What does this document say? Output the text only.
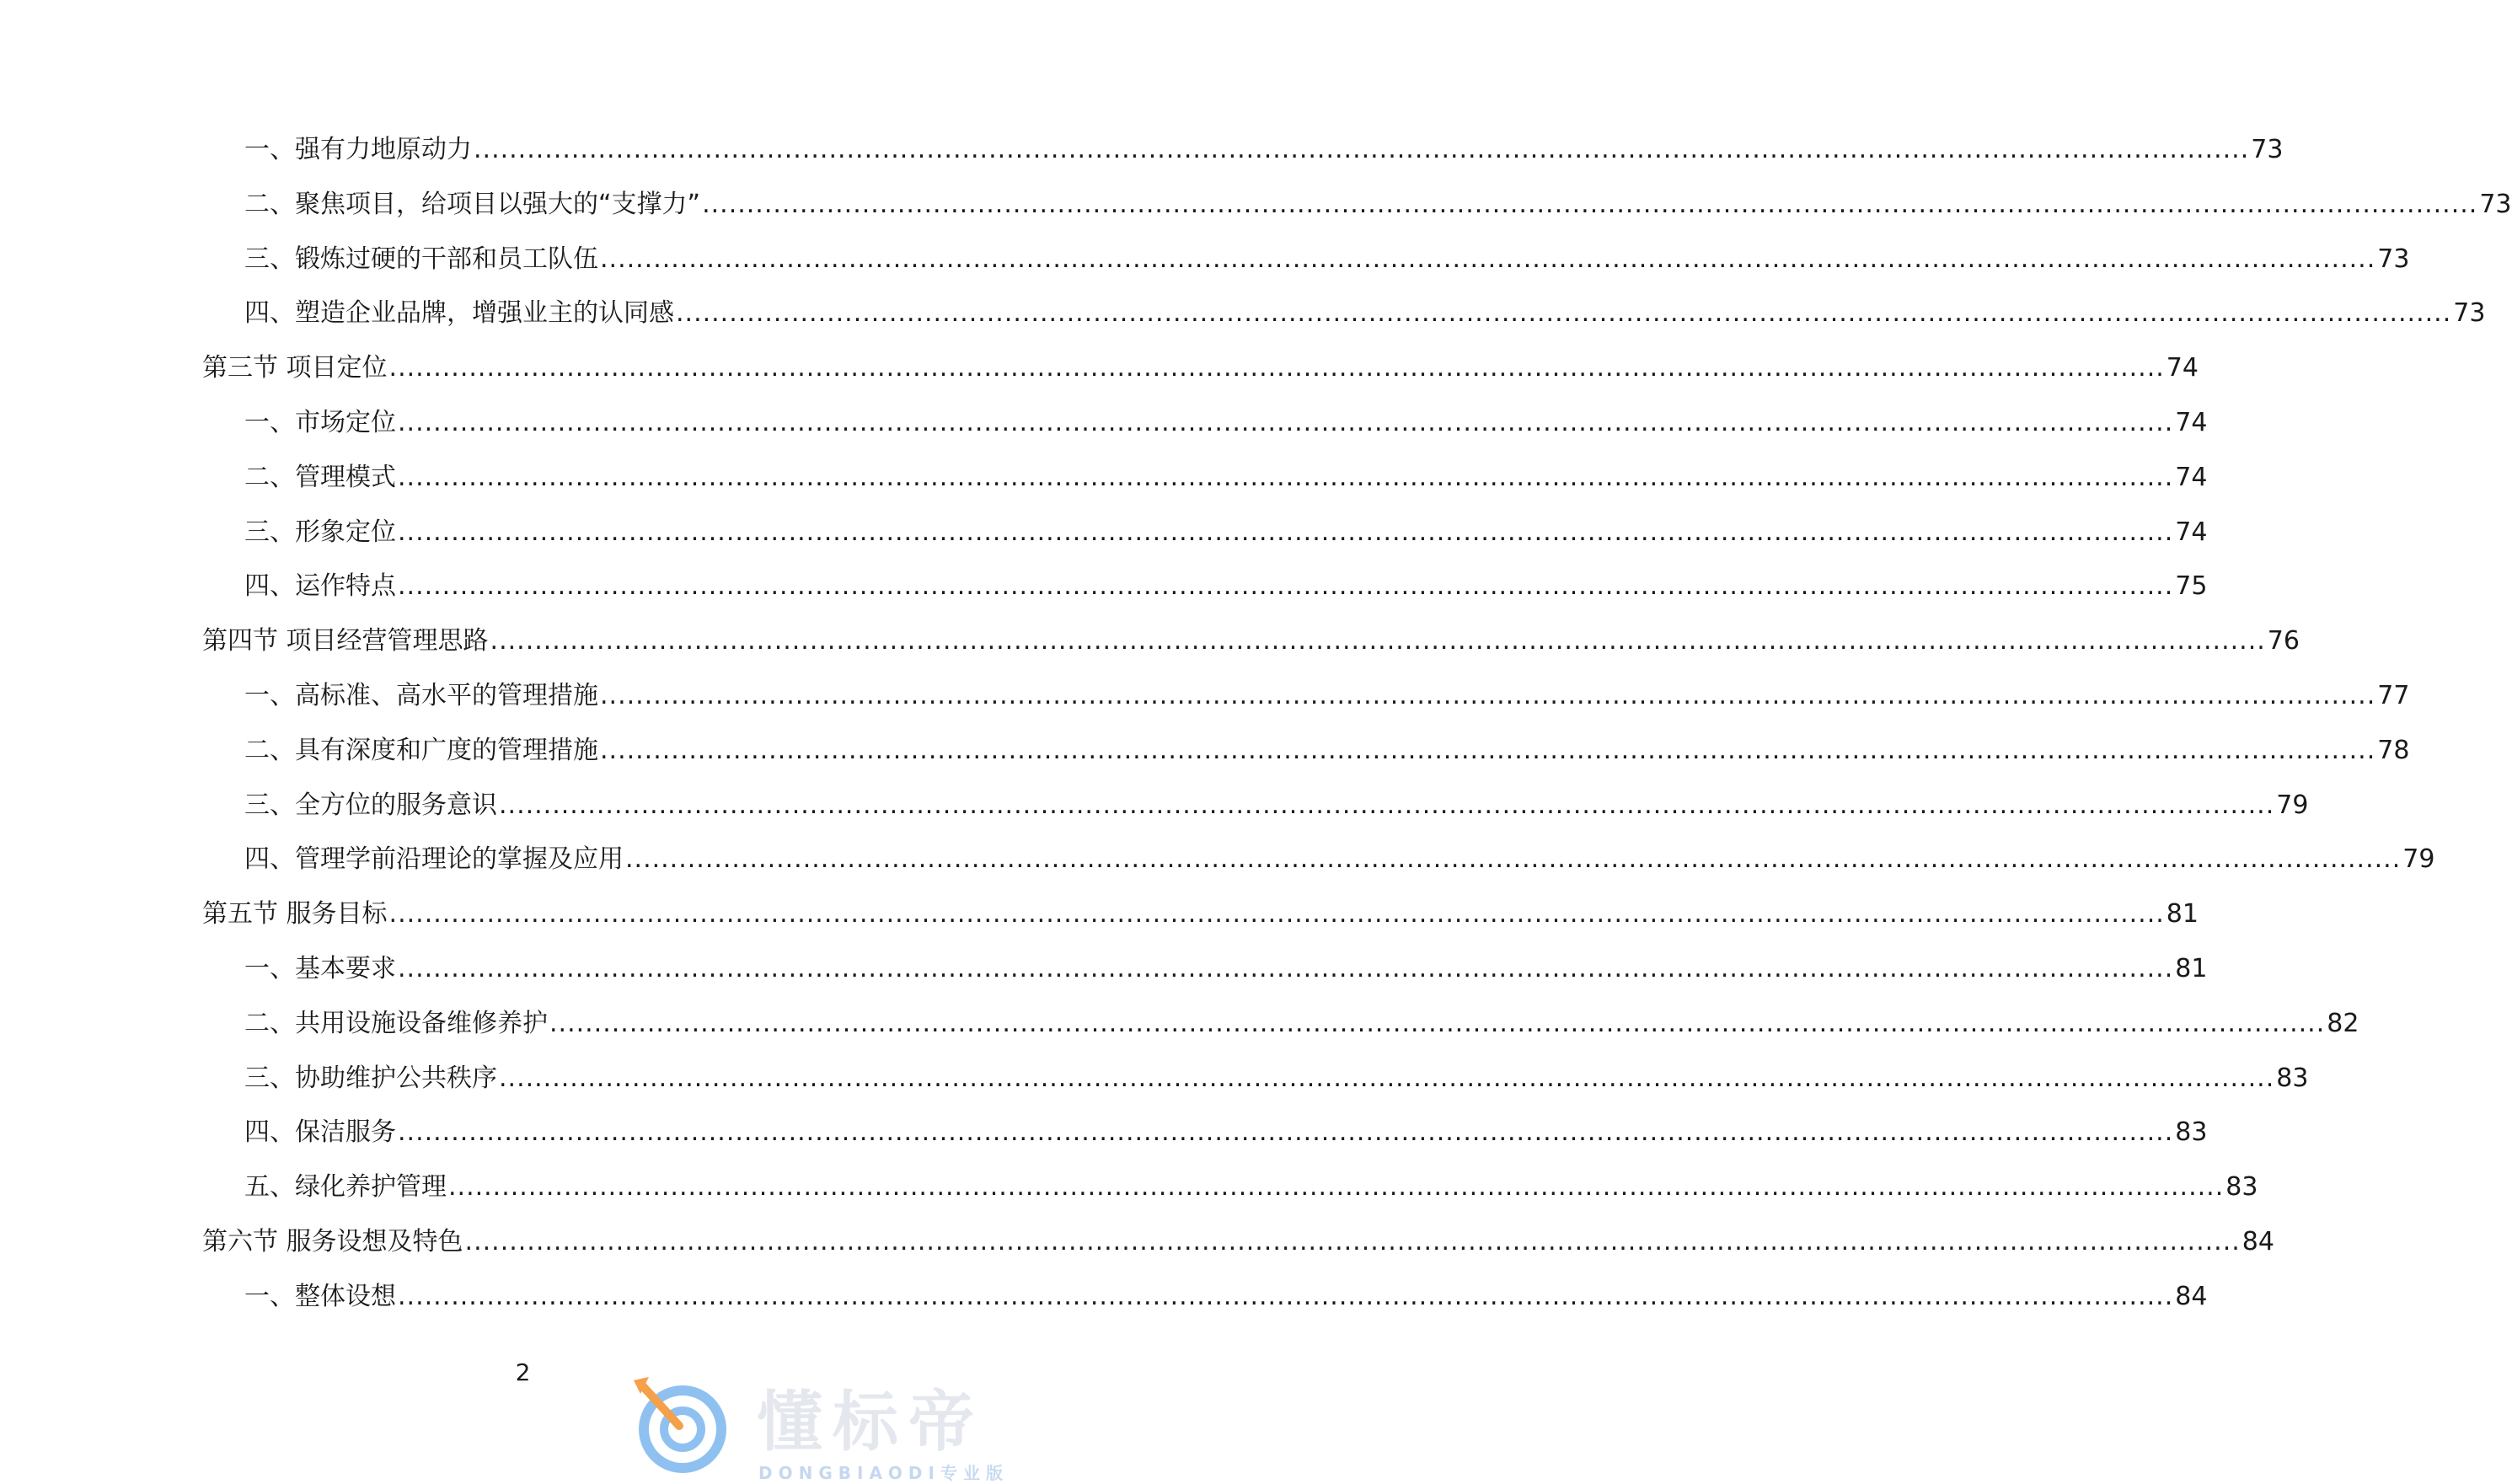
一、强有力地原动力 ........................................................................................................................................................................................................ 73
二、聚焦项目，给项目以强大的“支撑力” ........................................................................................................................................................................................................ 73
三、锻炼过硬的干部和员工队伍 ........................................................................................................................................................................................................ 73
四、塑造企业品牌，增强业主的认同感 ........................................................................................................................................................................................................ 73
第三节 项目定位 ........................................................................................................................................................................................................ 74
一、市场定位 ........................................................................................................................................................................................................ 74
二、管理模式 ........................................................................................................................................................................................................ 74
三、形象定位 ........................................................................................................................................................................................................ 74
四、运作特点 ........................................................................................................................................................................................................ 75
第四节 项目经营管理思路 ........................................................................................................................................................................................................ 76
一、高标准、高水平的管理措施 ........................................................................................................................................................................................................ 77
二、具有深度和广度的管理措施 ........................................................................................................................................................................................................ 78
三、全方位的服务意识 ........................................................................................................................................................................................................ 79
四、管理学前沿理论的掌握及应用 ........................................................................................................................................................................................................ 79
第五节 服务目标 ........................................................................................................................................................................................................ 81
一、基本要求 ........................................................................................................................................................................................................ 81
二、共用设施设备维修养护 ........................................................................................................................................................................................................ 82
三、协助维护公共秩序 ........................................................................................................................................................................................................ 83
四、保洁服务 ........................................................................................................................................................................................................ 83
五、绿化养护管理 ........................................................................................................................................................................................................ 83
第六节 服务设想及特色 ........................................................................................................................................................................................................ 84
一、整体设想 ........................................................................................................................................................................................................ 84
2
懂标帝
DONGBIAODI专业版
